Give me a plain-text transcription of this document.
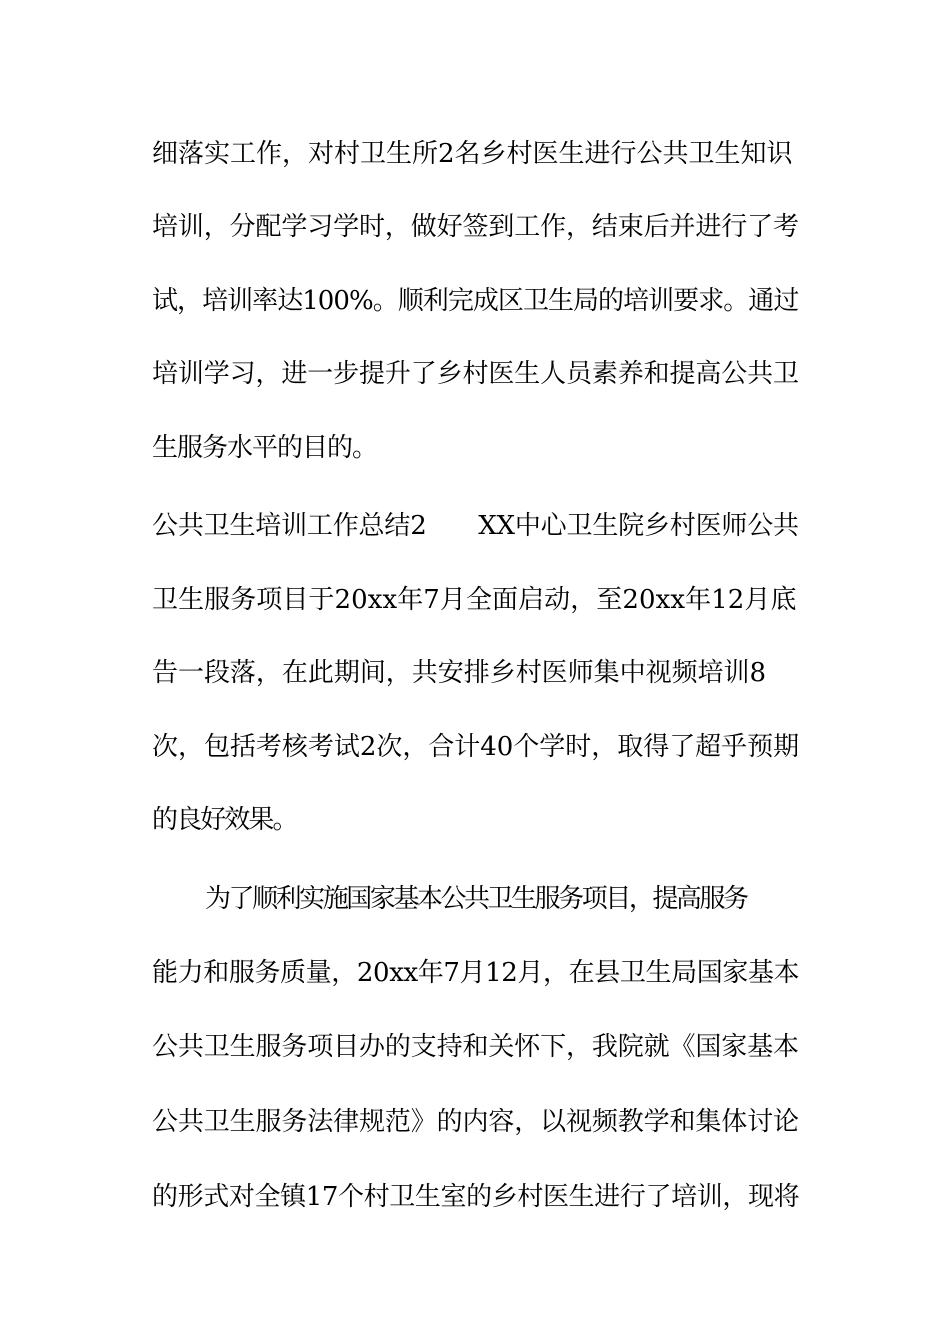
细落实工作，对村卫生所2名乡村医生进行公共卫生知识
培训，分配学习学时，做好签到工作，结束后并进行了考
试，培训率达100%。顺利完成区卫生局的培训要求。通过
培训学习，进一步提升了乡村医生人员素养和提高公共卫
生服务水平的目的。
公共卫生培训工作总结2　　XX中心卫生院乡村医师公共
卫生服务项目于20xx年7月全面启动，至20xx年12月底
告一段落，在此期间，共安排乡村医师集中视频培训8
次，包括考核考试2次，合计40个学时，取得了超乎预期
的良好效果。
为了顺利实施国家基本公共卫生服务项目，提高服务
能力和服务质量，20xx年7月12月，在县卫生局国家基本
公共卫生服务项目办的支持和关怀下，我院就《国家基本
公共卫生服务法律规范》的内容，以视频教学和集体讨论
的形式对全镇17个村卫生室的乡村医生进行了培训，现将
